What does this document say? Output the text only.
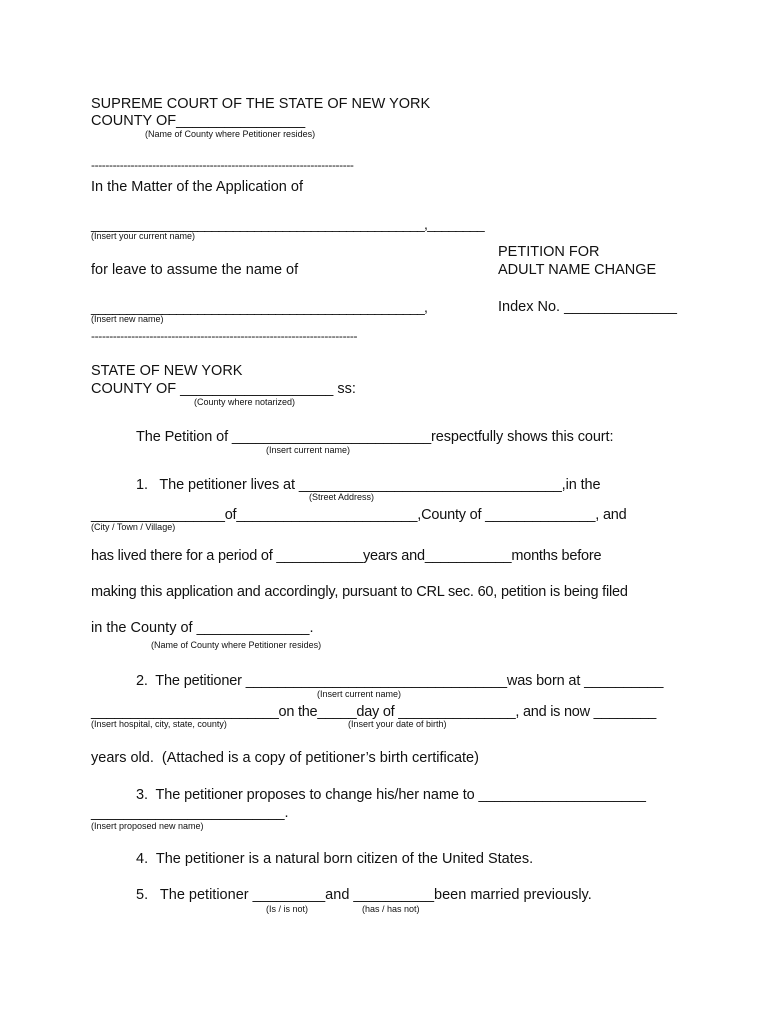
SUPREME COURT OF THE STATE OF NEW YORK
COUNTY OF________________
(Name of County where Petitioner resides)
-------------------------------------------------------------------------
In the Matter of the Application of
_______________________________________________,________
(Insert your current name)
PETITION FOR
ADULT NAME CHANGE
for leave to assume the name of
_______________________________________________,	Index No. ______________
(Insert new name)
-------------------------------------------------------------------------
STATE OF NEW YORK
COUNTY OF ___________________ ss:
(County where notarized)
The Petition of _________________________respectfully shows this court:
(Insert current name)
1.   The petitioner lives at _________________________________,in the
(Street Address)
_________________of_______________________,County of ______________, and
(City / Town / Village)
has lived there for a period of ___________years and___________months before
making this application and accordingly, pursuant to CRL sec. 60, petition is being filed
in the County of ______________.
(Name of County where Petitioner resides)
2.  The petitioner _________________________________was born at __________
(Insert current name)
________________________on the_____day of _______________, and is now ________
(Insert hospital, city, state, county)	(Insert your date of birth)
years old.  (Attached is a copy of petitioner’s birth certificate)
3.  The petitioner proposes to change his/her name to _____________________
________________________.
(Insert proposed new name)
4.  The petitioner is a natural born citizen of the United States.
5.   The petitioner _________and __________been married previously.
(Is / is not)	(has / has not)
